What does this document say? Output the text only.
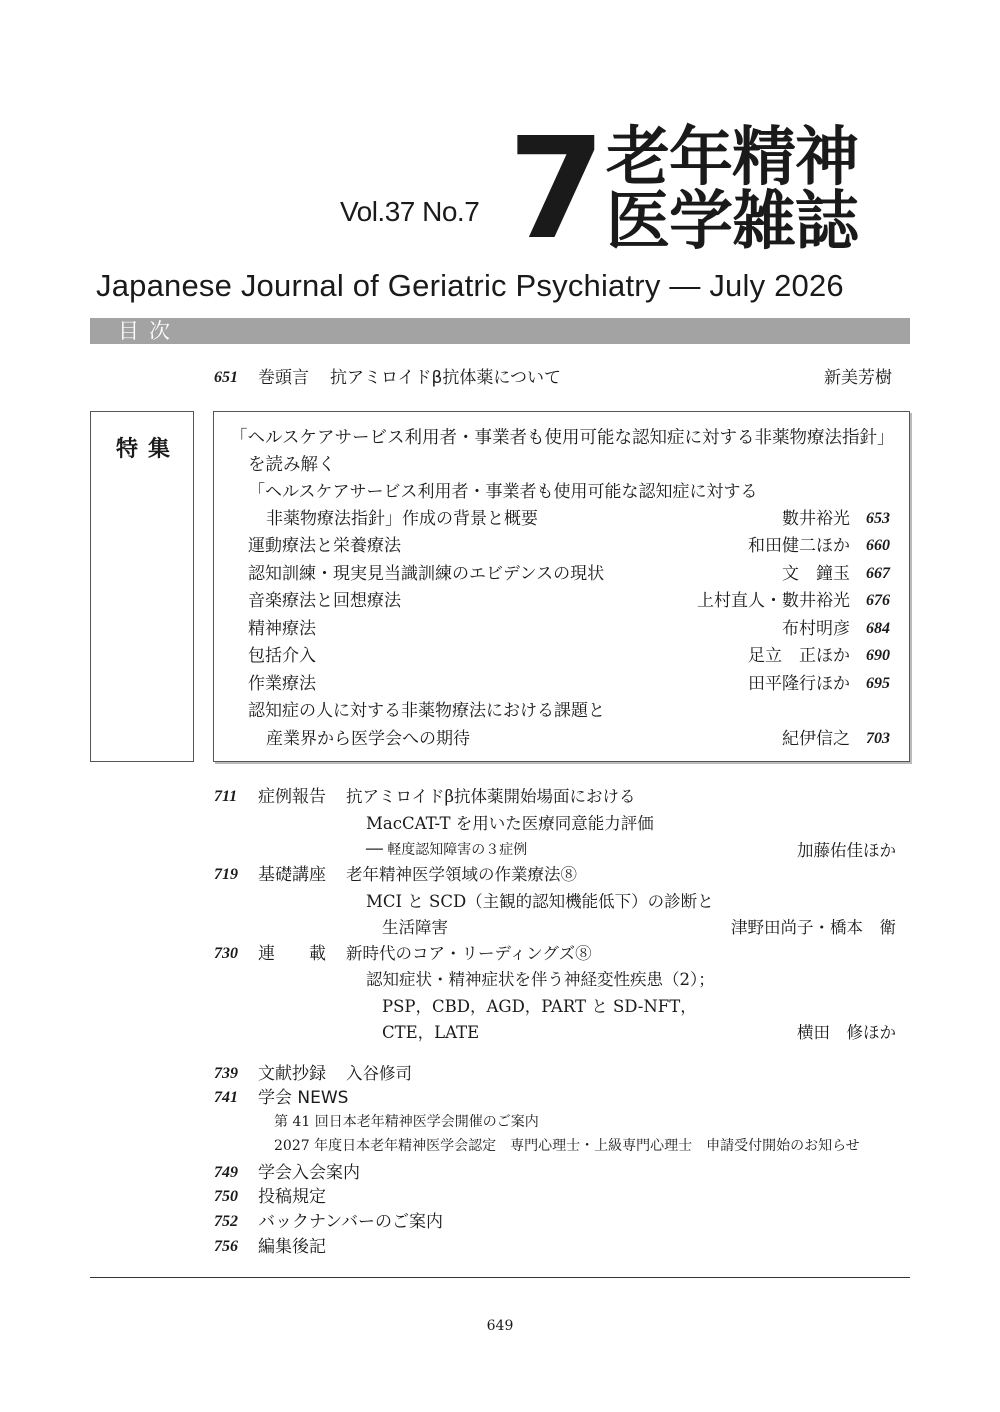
Vol.37 No.7 7 老年精神
医学雑誌
Japanese Journal of Geriatric Psychiatry — July 2026
目次
651 巻頭言 抗アミロイドβ抗体薬について	新美芳樹
特集	「ヘルスケアサービス利用者・事業者も使用可能な認知症に対する非薬物療法指針」
を読み解く
「ヘルスケアサービス利用者・事業者も使用可能な認知症に対する
非薬物療法指針」作成の背景と概要	數井裕光 653
運動療法と栄養療法	和田健二ほか 660
認知訓練・現実見当識訓練のエビデンスの現状	文　鐘玉 667
音楽療法と回想療法	上村直人・數井裕光 676
精神療法	布村明彦 684
包括介入	足立　正ほか 690
作業療法	田平隆行ほか 695
認知症の人に対する非薬物療法における課題と
産業界から医学会への期待	紀伊信之 703
711 症例報告 抗アミロイドβ抗体薬開始場面における
MacCAT-T を用いた医療同意能力評価
── 軽度認知障害の３症例	加藤佑佳ほか
719 基礎講座 老年精神医学領域の作業療法⑧
MCI と SCD（主観的認知機能低下）の診断と
生活障害	津野田尚子・橋本　衛
730 連　　載 新時代のコア・リーディングズ⑧
認知症状・精神症状を伴う神経変性疾患（2）；
PSP，CBD，AGD，PART と SD-NFT，
CTE，LATE	横田　修ほか
739 文献抄録 入谷修司
741 学会 NEWS
第 41 回日本老年精神医学会開催のご案内
2027 年度日本老年精神医学会認定　専門心理士・上級専門心理士　申請受付開始のお知らせ
749 学会入会案内
750 投稿規定
752 バックナンバーのご案内
756 編集後記
649
